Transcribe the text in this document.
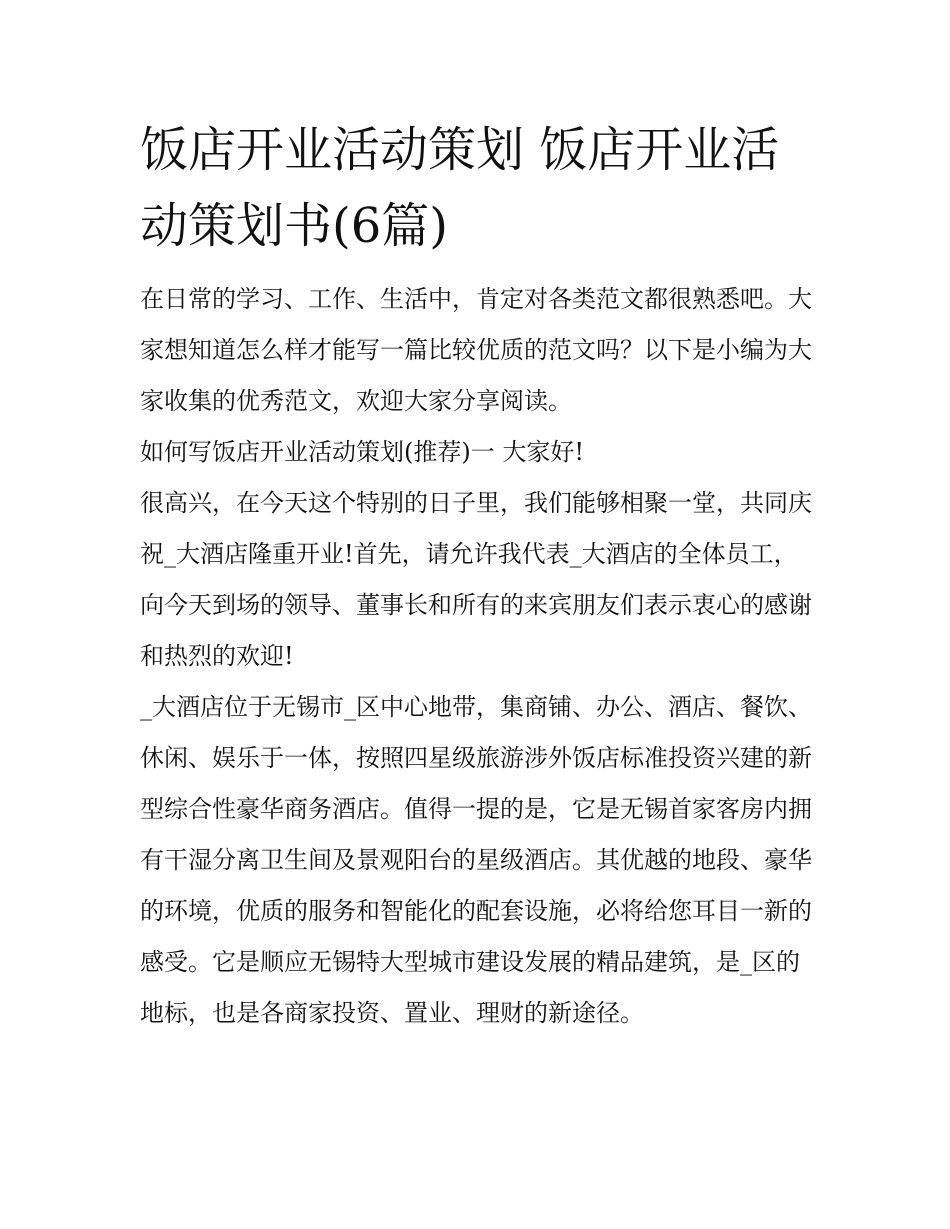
饭店开业活动策划 饭店开业活动策划书(6篇)

在日常的学习、工作、生活中，肯定对各类范文都很熟悉吧。大家想知道怎么样才能写一篇比较优质的范文吗？以下是小编为大家收集的优秀范文，欢迎大家分享阅读。

如何写饭店开业活动策划(推荐)一 大家好!

很高兴，在今天这个特别的日子里，我们能够相聚一堂，共同庆祝_大酒店隆重开业!首先，请允许我代表_大酒店的全体员工，向今天到场的领导、董事长和所有的来宾朋友们表示衷心的感谢和热烈的欢迎!

_大酒店位于无锡市_区中心地带，集商铺、办公、酒店、餐饮、休闲、娱乐于一体，按照四星级旅游涉外饭店标准投资兴建的新型综合性豪华商务酒店。值得一提的是，它是无锡首家客房内拥有干湿分离卫生间及景观阳台的星级酒店。其优越的地段、豪华的环境，优质的服务和智能化的配套设施，必将给您耳目一新的感受。它是顺应无锡特大型城市建设发展的精品建筑，是_区的地标，也是各商家投资、置业、理财的新途径。
